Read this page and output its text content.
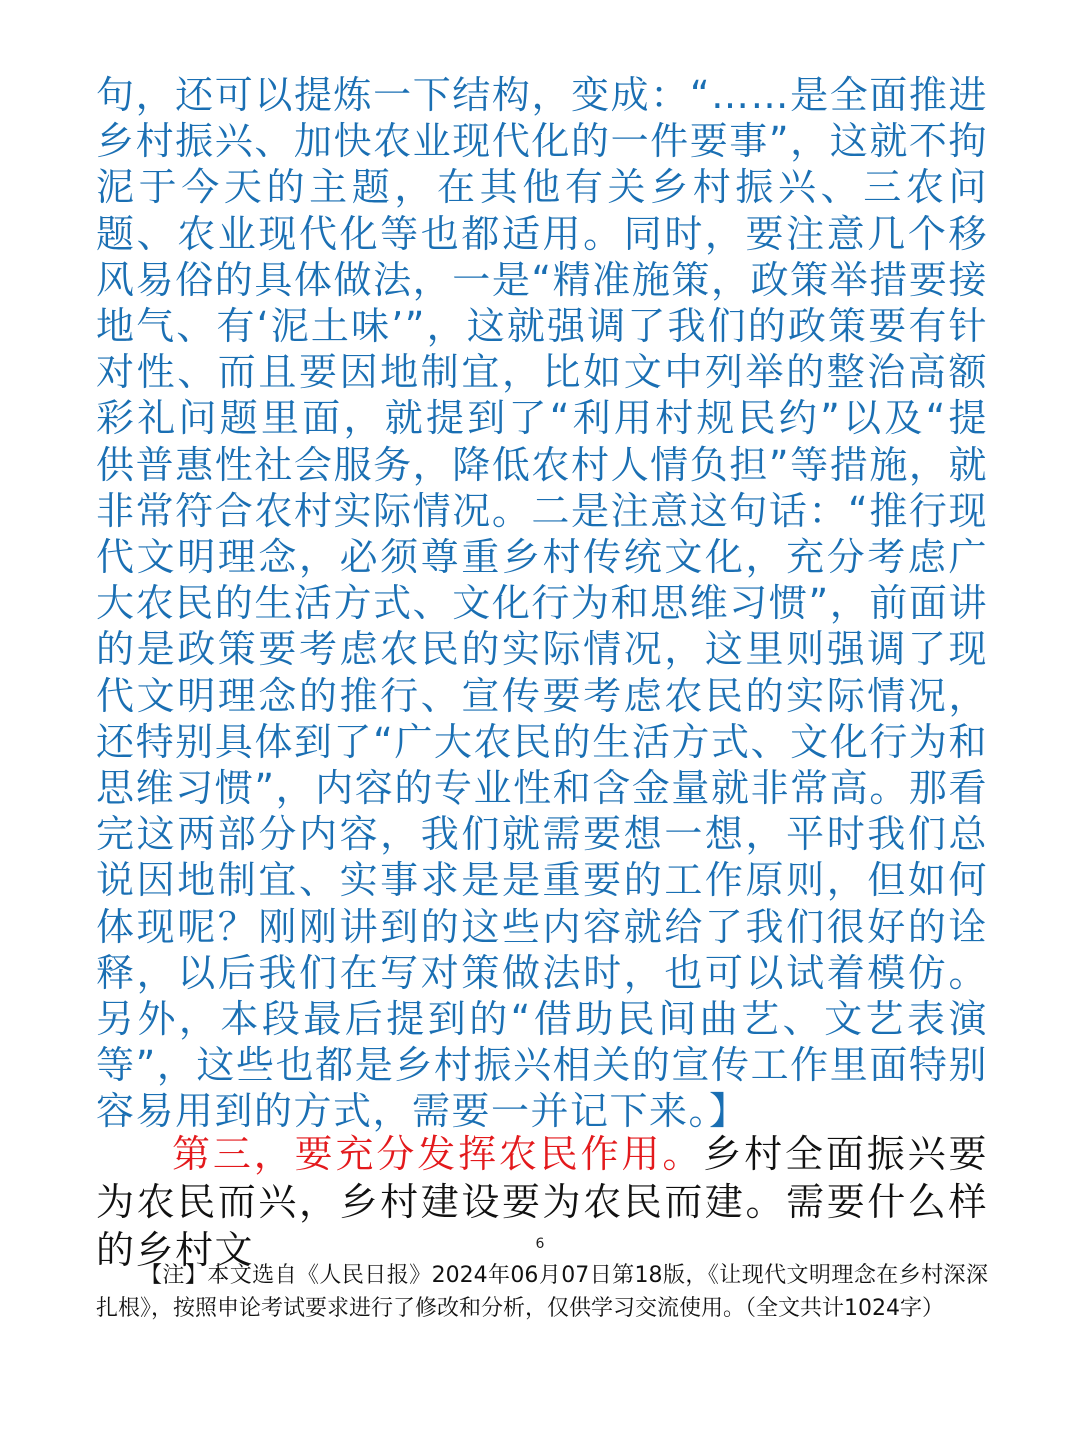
句，还可以提炼一下结构，变成：“……是全面推进乡村振兴、加快农业现代化的一件要事”，这就不拘泥于今天的主题，在其他有关乡村振兴、三农问题、农业现代化等也都适用。同时，要注意几个移风易俗的具体做法，一是“精准施策，政策举措要接地气、有‘泥土味’”，这就强调了我们的政策要有针对性、而且要因地制宜，比如文中列举的整治高额彩礼问题里面，就提到了“利用村规民约”以及“提供普惠性社会服务，降低农村人情负担”等措施，就非常符合农村实际情况。二是注意这句话：“推行现代文明理念，必须尊重乡村传统文化，充分考虑广大农民的生活方式、文化行为和思维习惯”，前面讲的是政策要考虑农民的实际情况，这里则强调了现代文明理念的推行、宣传要考虑农民的实际情况，还特别具体到了“广大农民的生活方式、文化行为和思维习惯”，内容的专业性和含金量就非常高。那看完这两部分内容，我们就需要想一想，平时我们总说因地制宜、实事求是是重要的工作原则，但如何体现呢？刚刚讲到的这些内容就给了我们很好的诠释，以后我们在写对策做法时，也可以试着模仿。另外，本段最后提到的“借助民间曲艺、文艺表演等”，这些也都是乡村振兴相关的宣传工作里面特别容易用到的方式，需要一并记下来。】

第三，要充分发挥农民作用。乡村全面振兴要为农民而兴，乡村建设要为农民而建。需要什么样的乡村文	6

【注】本文选自《人民日报》2024年06月07日第18版，《让现代文明理念在乡村深深扎根》，按照申论考试要求进行了修改和分析，仅供学习交流使用。（全文共计1024字）
